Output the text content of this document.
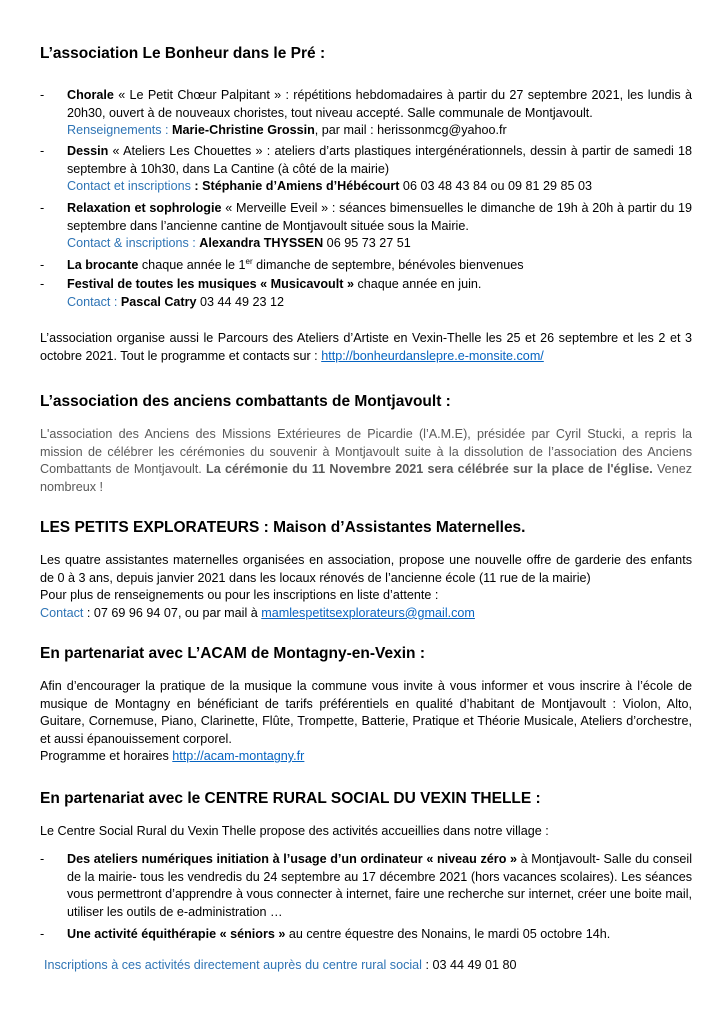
L’association Le Bonheur dans le Pré :
- Chorale « Le Petit Chœur Palpitant » : répétitions hebdomadaires à partir du 27 septembre 2021, les lundis à 20h30, ouvert à de nouveaux choristes, tout niveau accepté. Salle communale de Montjavoult.
Renseignements : Marie-Christine Grossin, par mail : herissonmcg@yahoo.fr
- Dessin « Ateliers Les Chouettes » : ateliers d’arts plastiques intergénérationnels, dessin à partir de samedi 18 septembre à 10h30, dans La Cantine (à côté de la mairie)
Contact et inscriptions : Stéphanie d’Amiens d’Hébécourt 06 03 48 43 84 ou 09 81 29 85 03
- Relaxation et sophrologie « Merveille Eveil » : séances bimensuelles le dimanche de 19h à 20h à partir du 19 septembre dans l’ancienne cantine de Montjavoult située sous la Mairie.
Contact & inscriptions : Alexandra THYSSEN 06 95 73 27 51
- La brocante chaque année le 1er dimanche de septembre, bénévoles bienvenues
- Festival de toutes les musiques « Musicavoult » chaque année en juin.
Contact : Pascal Catry 03 44 49 23 12
L’association organise aussi le Parcours des Ateliers d’Artiste en Vexin-Thelle les 25 et 26 septembre et les 2 et 3 octobre 2021. Tout le programme et contacts sur : http://bonheurdanslepre.e-monsite.com/
L’association des anciens combattants de Montjavoult :
L'association des Anciens des Missions Extérieures de Picardie (l’A.M.E), présidée par Cyril Stucki, a repris la mission de célébrer les cérémonies du souvenir à Montjavoult suite à la dissolution de l’association des Anciens Combattants de Montjavoult. La cérémonie du 11 Novembre 2021 sera célébrée sur la place de l'église. Venez nombreux !
LES PETITS EXPLORATEURS : Maison d’Assistantes Maternelles.
Les quatre assistantes maternelles organisées en association, propose une nouvelle offre de garderie des enfants de 0 à 3 ans, depuis janvier 2021 dans les locaux rénovés de l’ancienne école (11 rue de la mairie)
Pour plus de renseignements ou pour les inscriptions en liste d’attente :
Contact : 07 69 96 94 07, ou par mail à mamlespetitsexplorateurs@gmail.com
En partenariat avec L’ACAM de Montagny-en-Vexin :
Afin d’encourager la pratique de la musique la commune vous invite à vous informer et vous inscrire à l’école de musique de Montagny en bénéficiant de tarifs préférentiels en qualité d’habitant de Montjavoult : Violon, Alto, Guitare, Cornemuse, Piano, Clarinette, Flûte, Trompette, Batterie, Pratique et Théorie Musicale, Ateliers d’orchestre, et aussi épanouissement corporel.
Programme et horaires http://acam-montagny.fr
En partenariat avec le CENTRE RURAL SOCIAL DU VEXIN THELLE :
Le Centre Social Rural du Vexin Thelle propose des activités accueillies dans notre village :
- Des ateliers numériques initiation à l’usage d’un ordinateur « niveau zéro » à Montjavoult- Salle du conseil de la mairie- tous les vendredis du 24 septembre au 17 décembre 2021 (hors vacances scolaires). Les séances vous permettront d’apprendre à vous connecter à internet, faire une recherche sur internet, créer une boite mail, utiliser les outils de e-administration …
- Une activité équithérapie « séniors » au centre équestre des Nonains, le mardi 05 octobre 14h.
Inscriptions à ces activités directement auprès du centre rural social : 03 44 49 01 80
